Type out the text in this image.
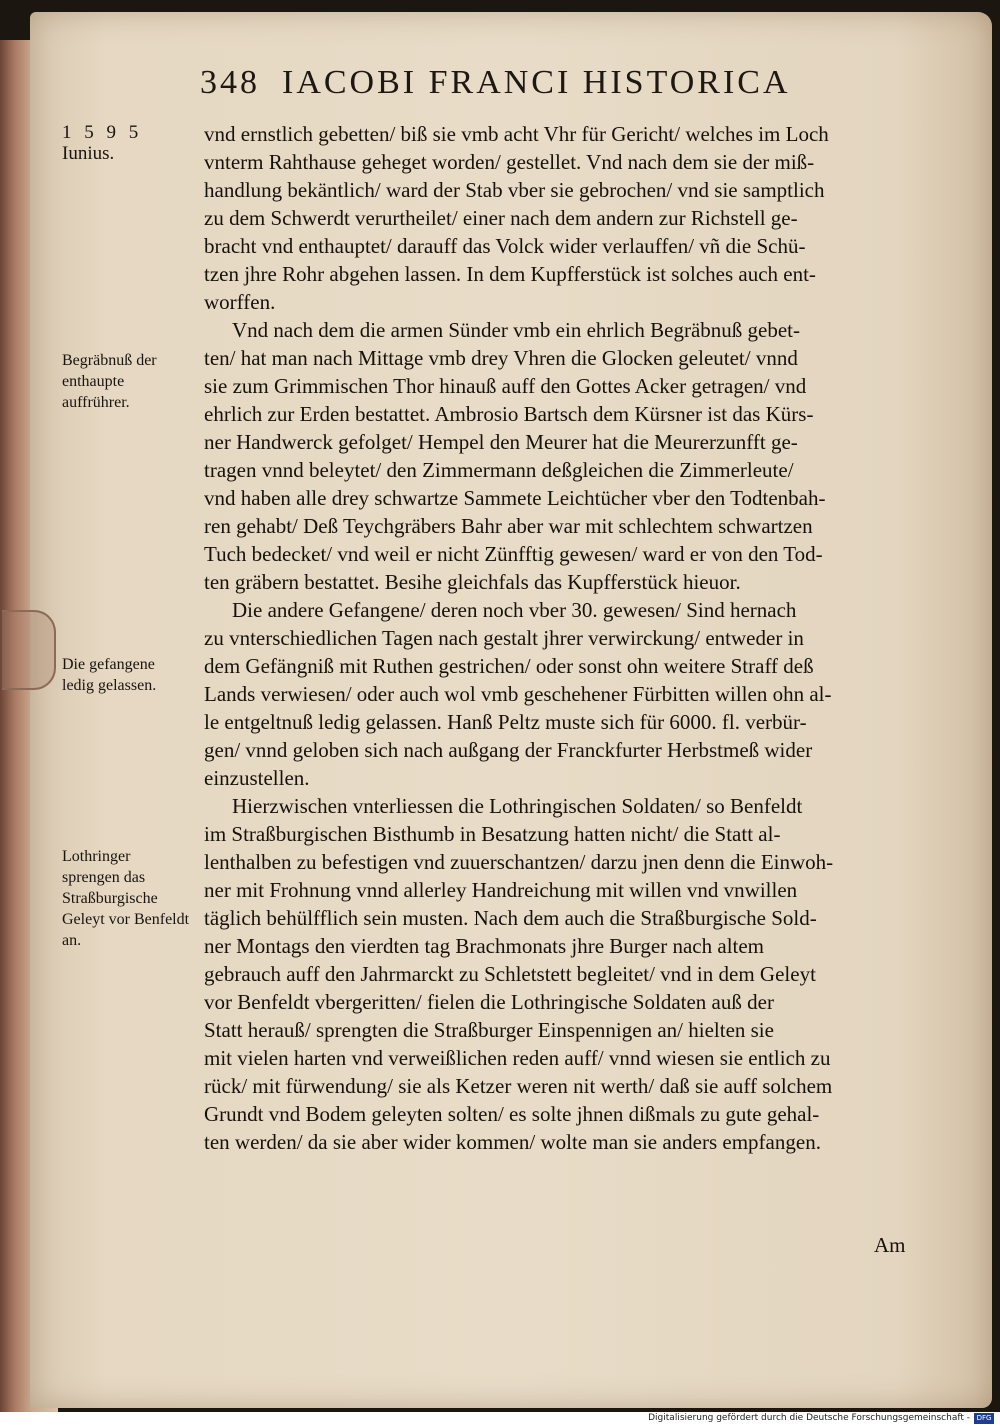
348 IACOBI FRANCI HISTORICA
1 5 9 5
Iunius.
Begräbnuß der enthaupte auffrührer.
Die gefangene ledig gelassen.
Lothringer sprengen das Straßburgische Geleyt vor Benfeldt an.
vnd ernstlich gebetten/ biß sie vmb acht Vhr für Gericht/ welches im Loch
vnterm Rahthause geheget worden/ gestellet. Vnd nach dem sie der miß-
handlung bekäntlich/ ward der Stab vber sie gebrochen/ vnd sie samptlich
zu dem Schwerdt verurtheilet/ einer nach dem andern zur Richstell ge-
bracht vnd enthauptet/ darauff das Volck wider verlauffen/ vñ die Schü-
tzen jhre Rohr abgehen lassen. In dem Kupfferstück ist solches auch ent-
worffen.
Vnd nach dem die armen Sünder vmb ein ehrlich Begräbnuß gebet-
ten/ hat man nach Mittage vmb drey Vhren die Glocken geleutet/ vnnd
sie zum Grimmischen Thor hinauß auff den Gottes Acker getragen/ vnd
ehrlich zur Erden bestattet. Ambrosio Bartsch dem Kürsner ist das Kürs-
ner Handwerck gefolget/ Hempel den Meurer hat die Meurerzunfft ge-
tragen vnnd beleytet/ den Zimmermann deßgleichen die Zimmerleute/
vnd haben alle drey schwartze Sammete Leichtücher vber den Todtenbah-
ren gehabt/ Deß Teychgräbers Bahr aber war mit schlechtem schwartzen
Tuch bedecket/ vnd weil er nicht Zünfftig gewesen/ ward er von den Tod-
ten gräbern bestattet. Besihe gleichfals das Kupfferstück hieuor.
Die andere Gefangene/ deren noch vber 30. gewesen/ Sind hernach
zu vnterschiedlichen Tagen nach gestalt jhrer verwirckung/ entweder in
dem Gefängniß mit Ruthen gestrichen/ oder sonst ohn weitere Straff deß
Lands verwiesen/ oder auch wol vmb geschehener Fürbitten willen ohn al-
le entgeltnuß ledig gelassen. Hanß Peltz muste sich für 6000. fl. verbür-
gen/ vnnd geloben sich nach außgang der Franckfurter Herbstmeß wider
einzustellen.
Hierzwischen vnterliessen die Lothringischen Soldaten/ so Benfeldt
im Straßburgischen Bisthumb in Besatzung hatten nicht/ die Statt al-
lenthalben zu befestigen vnd zuuerschantzen/ darzu jnen denn die Einwoh-
ner mit Frohnung vnnd allerley Handreichung mit willen vnd vnwillen
täglich behülfflich sein musten. Nach dem auch die Straßburgische Sold-
ner Montags den vierdten tag Brachmonats jhre Burger nach altem
gebrauch auff den Jahrmarckt zu Schletstett begleitet/ vnd in dem Geleyt
vor Benfeldt vbergeritten/ fielen die Lothringische Soldaten auß der
Statt herauß/ sprengten die Straßburger Einspennigen an/ hielten sie
mit vielen harten vnd verweißlichen reden auff/ vnnd wiesen sie entlich zu
rück/ mit fürwendung/ sie als Ketzer weren nit werth/ daß sie auff solchem
Grundt vnd Bodem geleyten solten/ es solte jhnen dißmals zu gute gehal-
ten werden/ da sie aber wider kommen/ wolte man sie anders empfangen.
Am
Digitalisierung gefördert durch die Deutsche Forschungsgemeinschaft - DFG
